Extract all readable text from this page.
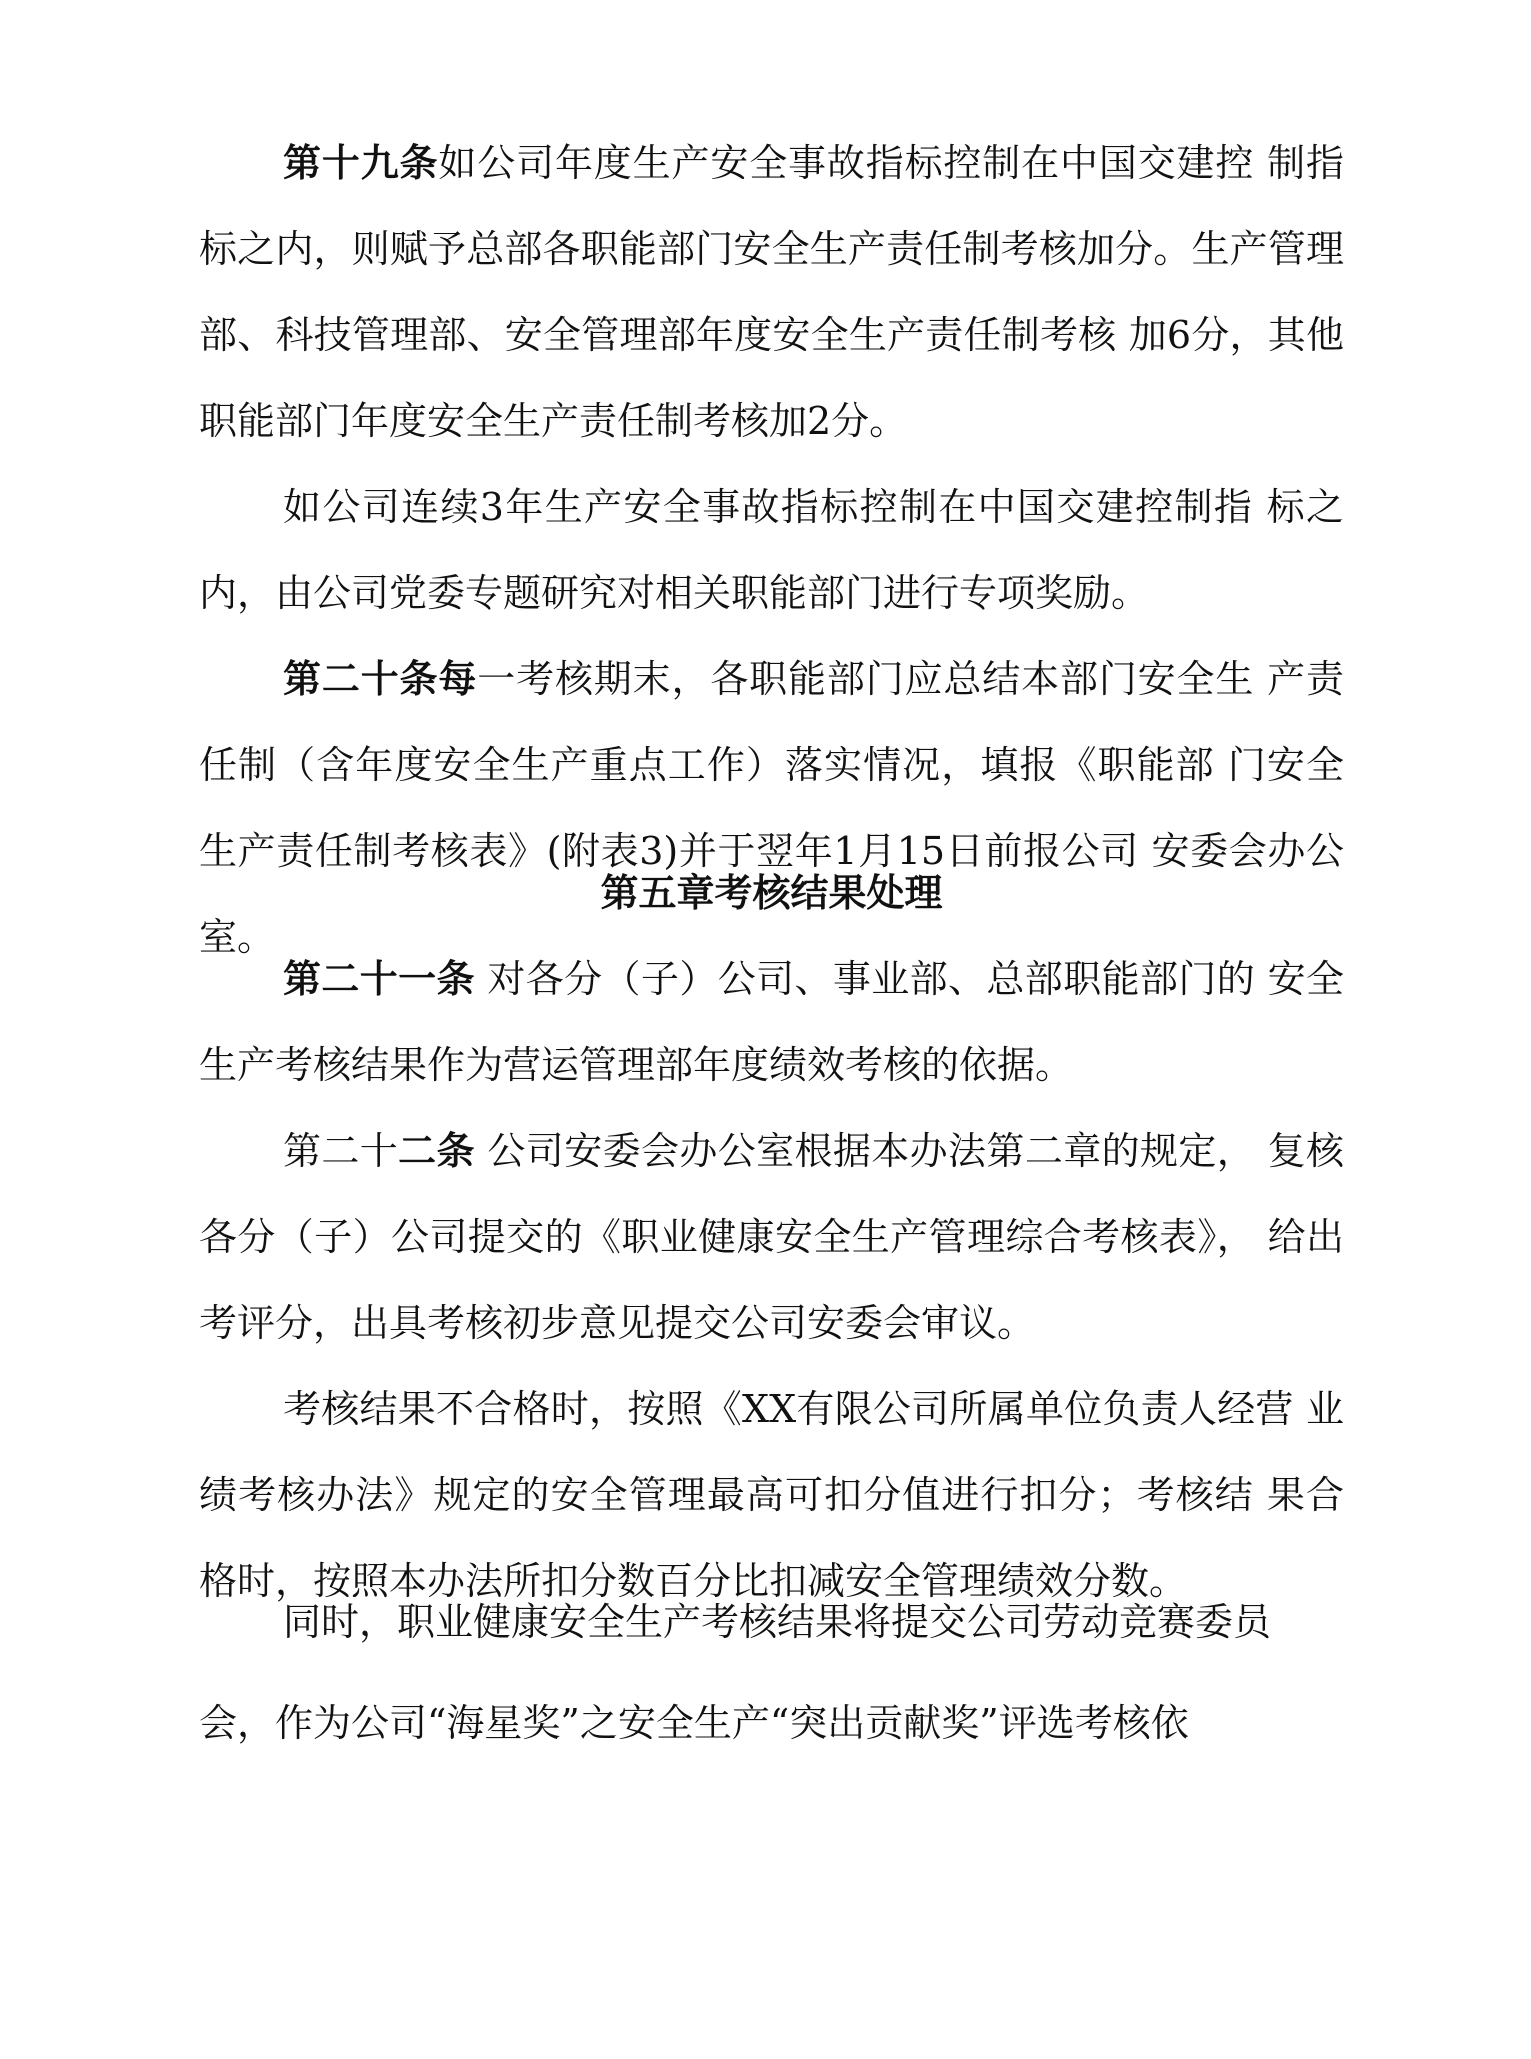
第十九条如公司年度生产安全事故指标控制在中国交建控 制指标之内，则赋予总部各职能部门安全生产责任制考核加分。生产管理部、科技管理部、安全管理部年度安全生产责任制考核 加6分，其他职能部门年度安全生产责任制考核加2分。

如公司连续3年生产安全事故指标控制在中国交建控制指 标之内，由公司党委专题研究对相关职能部门进行专项奖励。

第二十条每一考核期末，各职能部门应总结本部门安全生 产责任制（含年度安全生产重点工作）落实情况，填报《职能部 门安全生产责任制考核表》(附表3)并于翌年1月15日前报公司 安委会办公室。

第五章考核结果处理

第二十一条 对各分（子）公司、事业部、总部职能部门的 安全生产考核结果作为营运管理部年度绩效考核的依据。

第二十二条 公司安委会办公室根据本办法第二章的规定， 复核各分（子）公司提交的《职业健康安全生产管理综合考核表》， 给出考评分，出具考核初步意见提交公司安委会审议。

考核结果不合格时，按照《XX有限公司所属单位负责人经营 业绩考核办法》规定的安全管理最高可扣分值进行扣分；考核结 果合格时，按照本办法所扣分数百分比扣减安全管理绩效分数。

同时，职业健康安全生产考核结果将提交公司劳动竞赛委员

会，作为公司“海星奖”之安全生产“突出贡献奖”评选考核依
